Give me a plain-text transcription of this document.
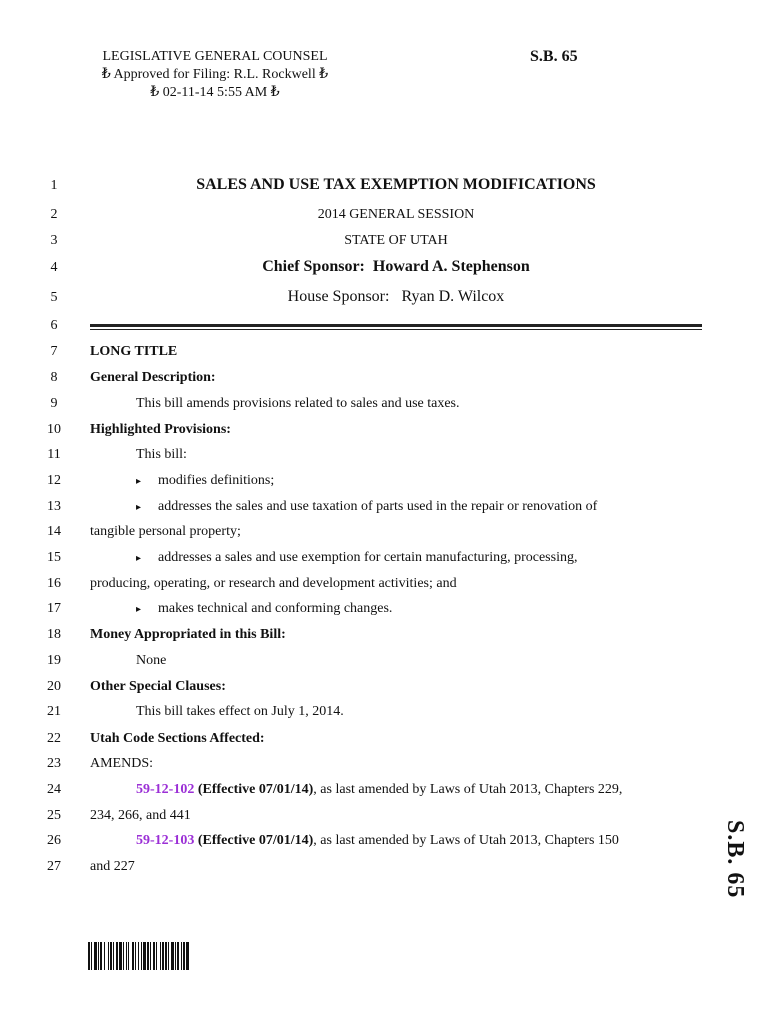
LEGISLATIVE GENERAL COUNSEL
₺ Approved for Filing: R.L. Rockwell ₺
₺ 02-11-14 5:55 AM ₺
S.B. 65
1
2
3
4
5
6
7
8
9
10
11
12
13
14
15
16
17
18
19
20
21
22
23
24
25
26
27
SALES AND USE TAX EXEMPTION MODIFICATIONS
2014 GENERAL SESSION
STATE OF UTAH
Chief Sponsor:  Howard A. Stephenson
House Sponsor:   Ryan D. Wilcox
LONG TITLE
General Description:
This bill amends provisions related to sales and use taxes.
Highlighted Provisions:
This bill:
▸ modifies definitions;
▸ addresses the sales and use taxation of parts used in the repair or renovation of
tangible personal property;
▸ addresses a sales and use exemption for certain manufacturing, processing,
producing, operating, or research and development activities; and
▸ makes technical and conforming changes.
Money Appropriated in this Bill:
None
Other Special Clauses:
This bill takes effect on July 1, 2014.
Utah Code Sections Affected:
AMENDS:
59-12-102 (Effective 07/01/14), as last amended by Laws of Utah 2013, Chapters 229,
234, 266, and 441
59-12-103 (Effective 07/01/14), as last amended by Laws of Utah 2013, Chapters 150
and 227	S.B. 65
